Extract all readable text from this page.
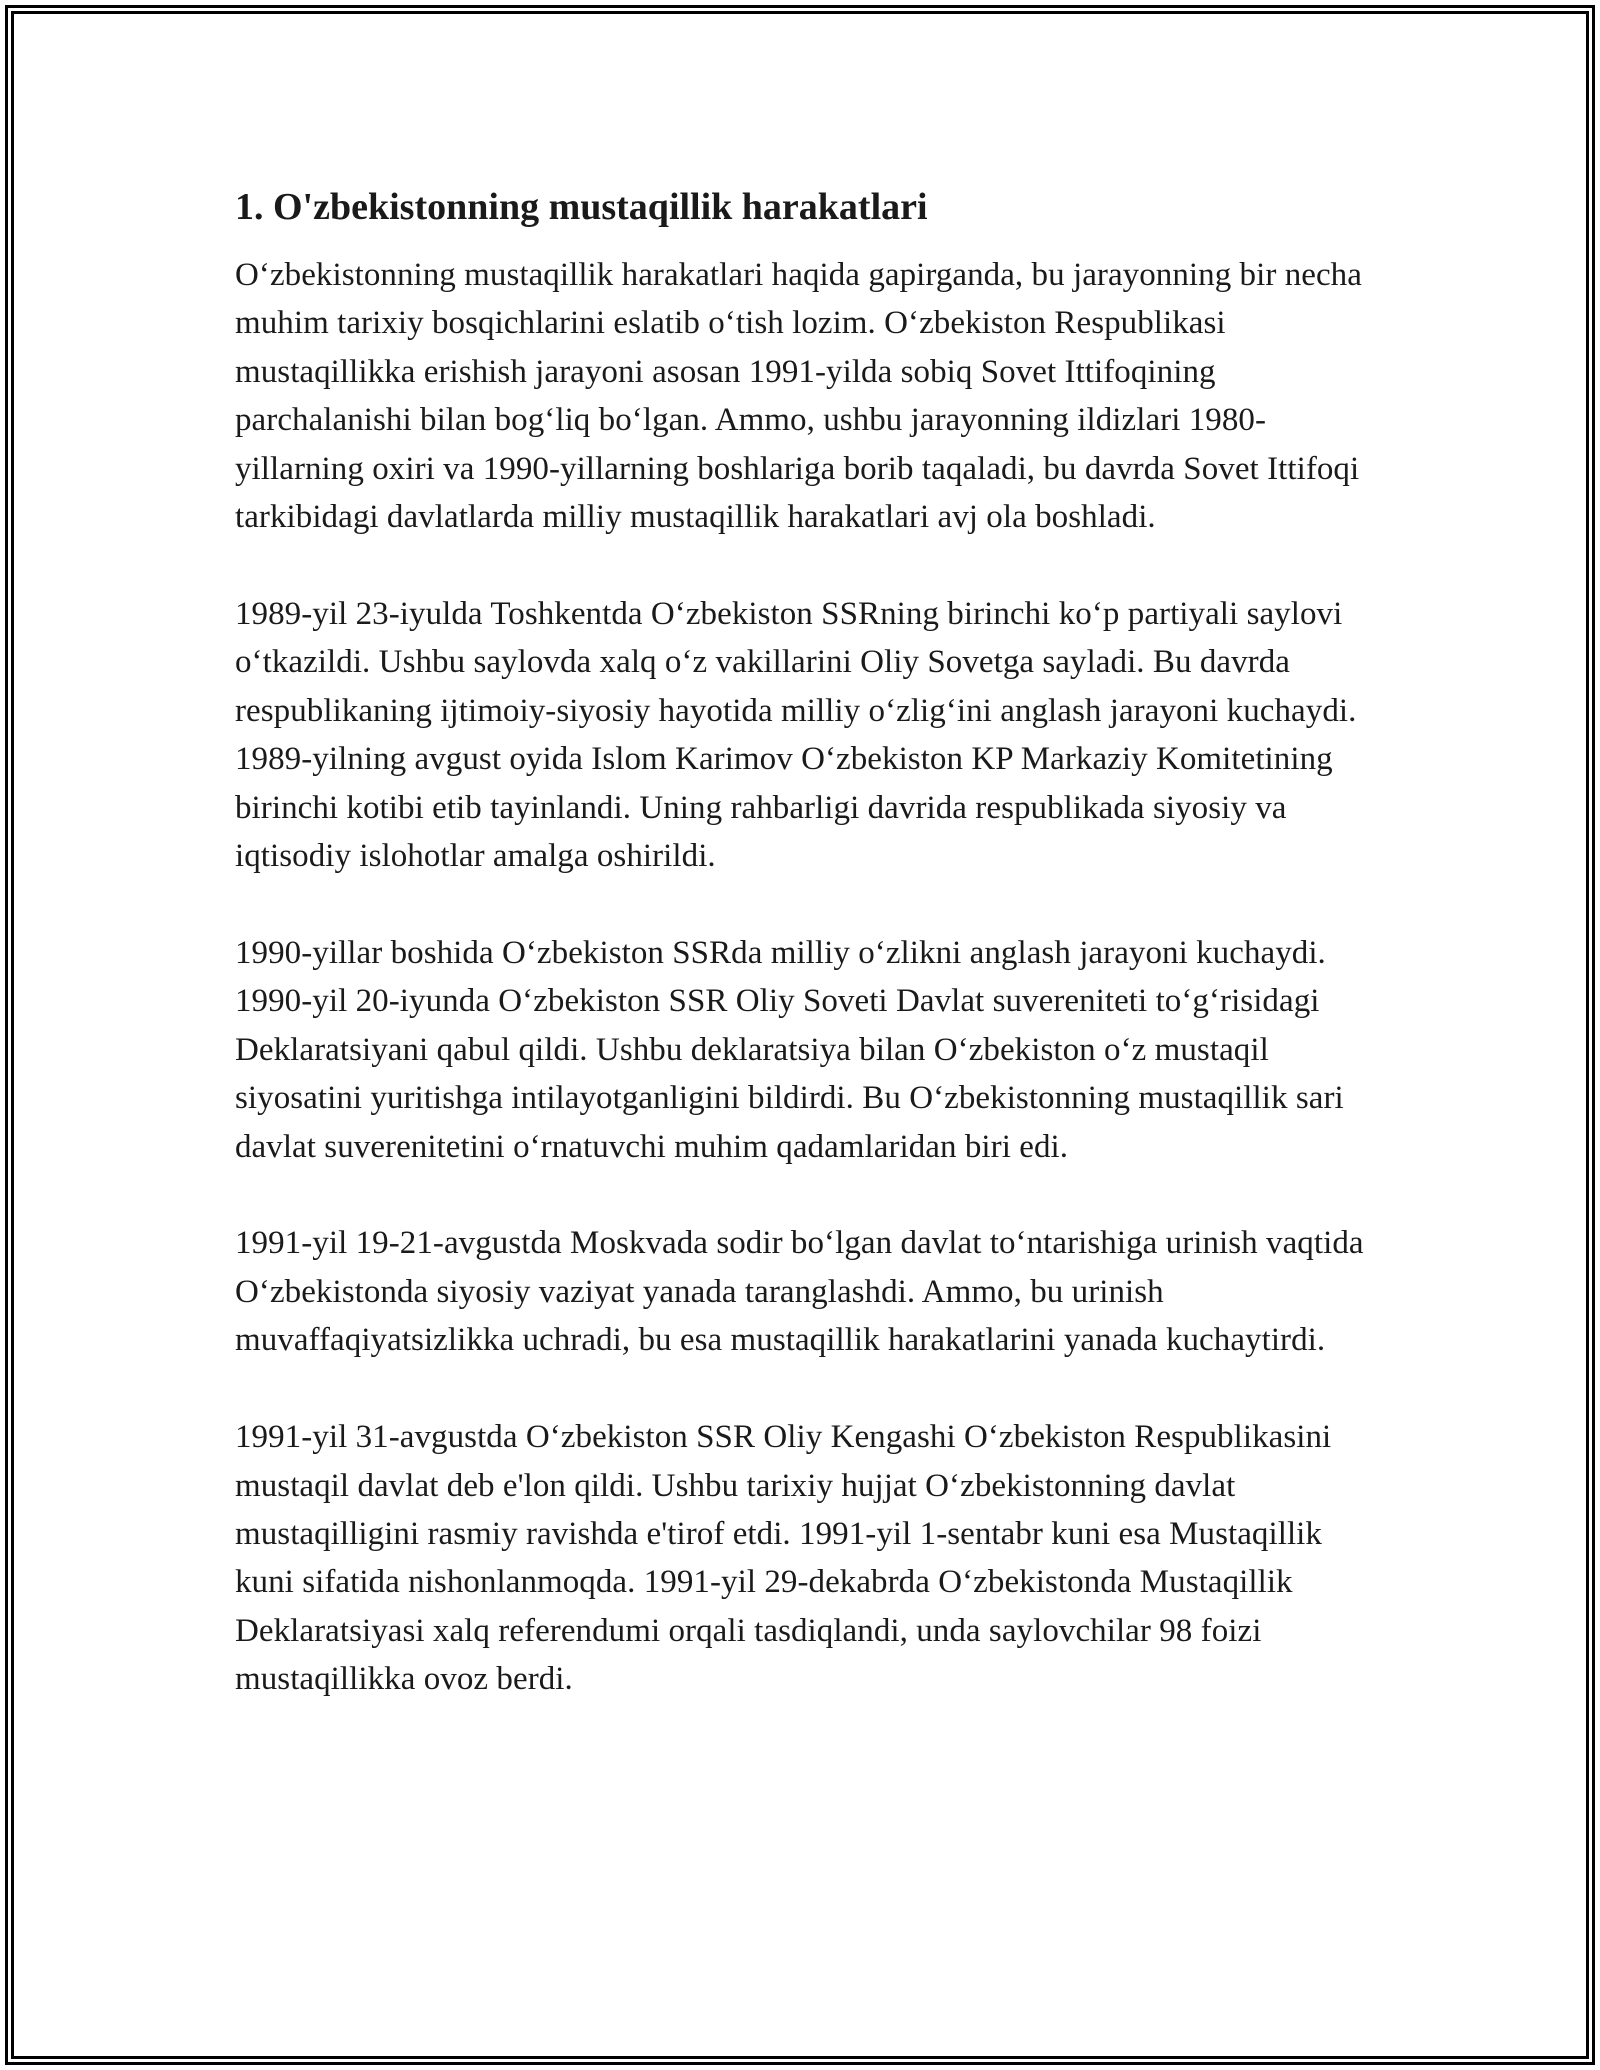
1. O'zbekistonning mustaqillik harakatlari

O‘zbekistonning mustaqillik harakatlari haqida gapirganda, bu jarayonning bir necha muhim tarixiy bosqichlarini eslatib o‘tish lozim. O‘zbekiston Respublikasi mustaqillikka erishish jarayoni asosan 1991-yilda sobiq Sovet Ittifoqining parchalanishi bilan bog‘liq bo‘lgan. Ammo, ushbu jarayonning ildizlari 1980-yillarning oxiri va 1990-yillarning boshlariga borib taqaladi, bu davrda Sovet Ittifoqi tarkibidagi davlatlarda milliy mustaqillik harakatlari avj ola boshladi.

1989-yil 23-iyulda Toshkentda O‘zbekiston SSRning birinchi ko‘p partiyali saylovi o‘tkazildi. Ushbu saylovda xalq o‘z vakillarini Oliy Sovetga sayladi. Bu davrda respublikaning ijtimoiy-siyosiy hayotida milliy o‘zlig‘ini anglash jarayoni kuchaydi. 1989-yilning avgust oyida Islom Karimov O‘zbekiston KP Markaziy Komitetining birinchi kotibi etib tayinlandi. Uning rahbarligi davrida respublikada siyosiy va iqtisodiy islohotlar amalga oshirildi.

1990-yillar boshida O‘zbekiston SSRda milliy o‘zlikni anglash jarayoni kuchaydi. 1990-yil 20-iyunda O‘zbekiston SSR Oliy Soveti Davlat suvereniteti to‘g‘risidagi Deklaratsiyani qabul qildi. Ushbu deklaratsiya bilan O‘zbekiston o‘z mustaqil siyosatini yuritishga intilayotganligini bildirdi. Bu O‘zbekistonning mustaqillik sari davlat suverenitetini o‘rnatuvchi muhim qadamlaridan biri edi.

1991-yil 19-21-avgustda Moskvada sodir bo‘lgan davlat to‘ntarishiga urinish vaqtida O‘zbekistonda siyosiy vaziyat yanada taranglashdi. Ammo, bu urinish muvaffaqiyatsizlikka uchradi, bu esa mustaqillik harakatlarini yanada kuchaytirdi.

1991-yil 31-avgustda O‘zbekiston SSR Oliy Kengashi O‘zbekiston Respublikasini mustaqil davlat deb e'lon qildi. Ushbu tarixiy hujjat O‘zbekistonning davlat mustaqilligini rasmiy ravishda e'tirof etdi. 1991-yil 1-sentabr kuni esa Mustaqillik kuni sifatida nishonlanmoqda. 1991-yil 29-dekabrda O‘zbekistonda Mustaqillik Deklaratsiyasi xalq referendumi orqali tasdiqlandi, unda saylovchilar 98 foizi mustaqillikka ovoz berdi.
